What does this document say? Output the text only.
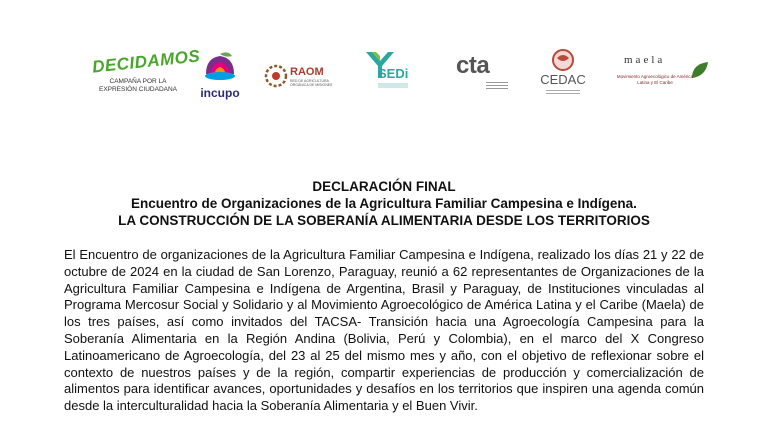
DECIDAMOS
CAMPAÑA POR LA EXPRESIÓN CIUDADANA incupo
RAOM
RED DE AGRICULTURA ORGÁNICA DE MISIONES
SEDi cta
CEDAC
maela
Movimiento Agroecológico de América Latina y El Caribe
DECLARACIÓN FINAL
Encuentro de Organizaciones de la Agricultura Familiar Campesina e Indígena.
LA CONSTRUCCIÓN DE LA SOBERANÍA ALIMENTARIA DESDE LOS TERRITORIOS
El Encuentro de organizaciones de la Agricultura Familiar Campesina e Indígena, realizado los días 21 y 22 de octubre de 2024 en la ciudad de San Lorenzo, Paraguay, reunió a 62 representantes de Organizaciones de la Agricultura Familiar Campesina e Indígena de Argentina, Brasil y Paraguay, de Instituciones vinculadas al Programa Mercosur Social y Solidario y al Movimiento Agroecológico de América Latina y el Caribe (Maela) de los tres países, así como invitados del TACSA- Transición hacia una Agroecología Campesina para la Soberanía Alimentaria en la Región Andina (Bolivia, Perú y Colombia), en el marco del X Congreso Latinoamericano de Agroecología, del 23 al 25 del mismo mes y año, con el objetivo de reflexionar sobre el contexto de nuestros países y de la región, compartir experiencias de producción y comercialización de alimentos para identificar avances, oportunidades y desafíos en los territorios que inspiren una agenda común desde la interculturalidad hacia la Soberanía Alimentaria y el Buen Vivir.
